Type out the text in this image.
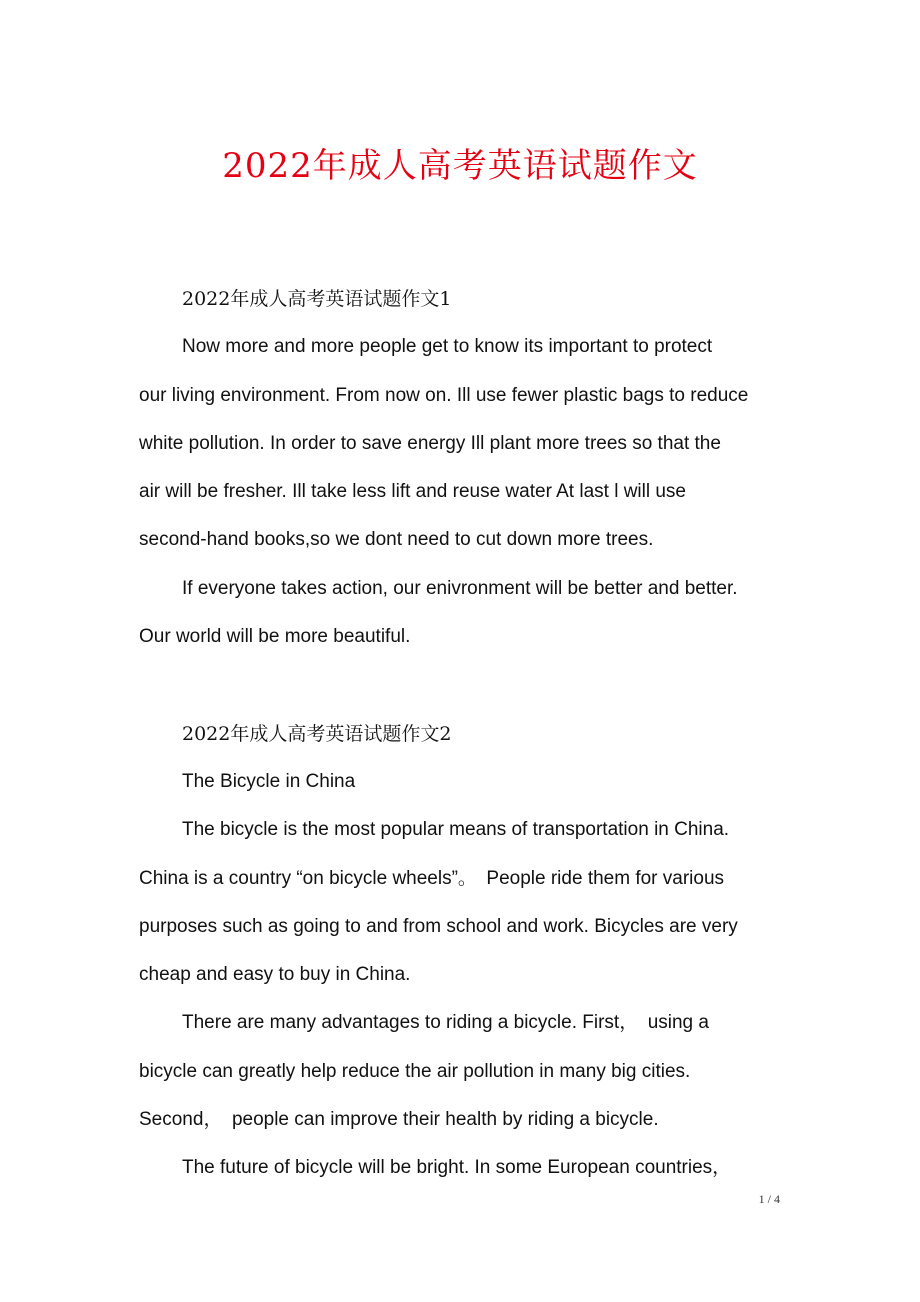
2022年成人高考英语试题作文
2022年成人高考英语试题作文1
Now more and more people get to know its important to protect
our living environment. From now on. Ill use fewer plastic bags to reduce
white pollution. In order to save energy Ill plant more trees so that the
air will be fresher. Ill take less lift and reuse water At last l will use
second-hand books,so we dont need to cut down more trees.
If everyone takes action, our enivronment will be better and better.
Our world will be more beautiful.
2022年成人高考英语试题作文2
The Bicycle in China
The bicycle is the most popular means of transportation in China.
China is a country “on bicycle wheels”。　People ride them for various
purposes such as going to and from school and work. Bicycles are very
cheap and easy to buy in China.
There are many advantages to riding a bicycle. First，　using a
bicycle can greatly help reduce the air pollution in many big cities.
Second，　people can improve their health by riding a bicycle.
The future of bicycle will be bright. In some European countries，
1 / 4
